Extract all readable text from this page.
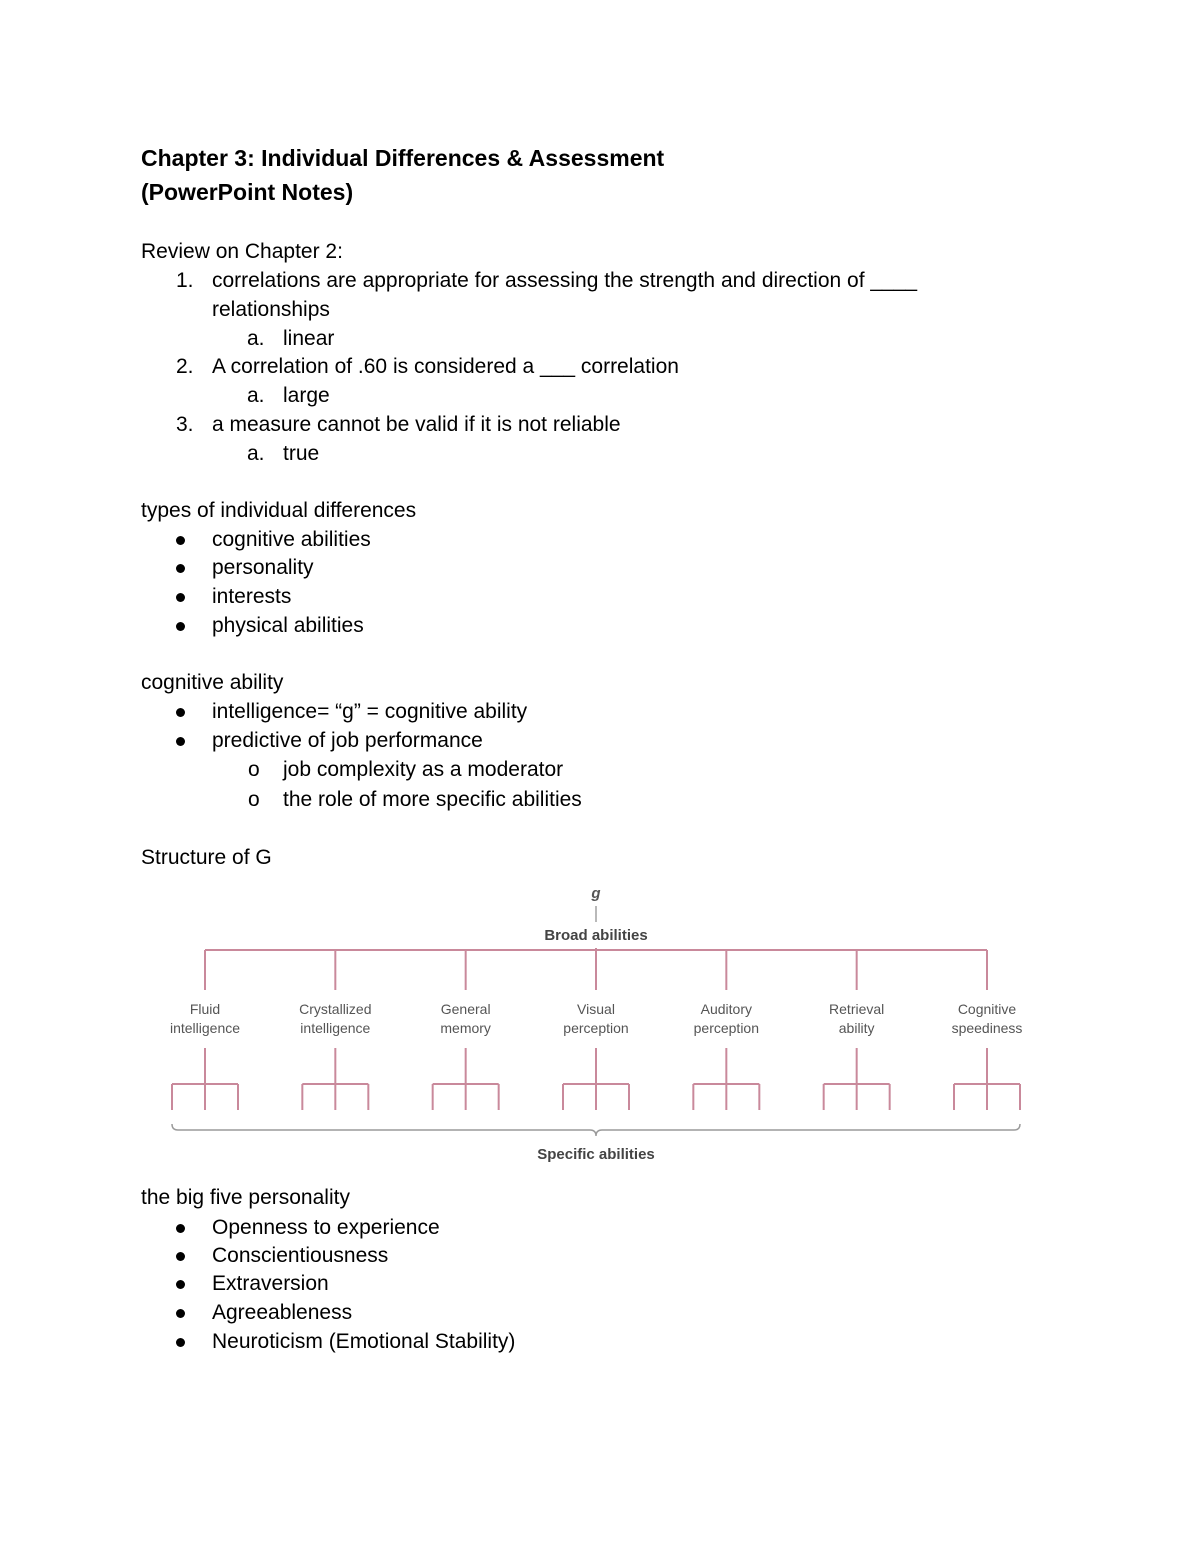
Chapter 3: Individual Differences & Assessment
(PowerPoint Notes)
Review on Chapter 2:
1. correlations are appropriate for assessing the strength and direction of ____
relationships
a. linear
2. A correlation of .60 is considered a ___ correlation
a. large
3. a measure cannot be valid if it is not reliable
a. true
types of individual differences
cognitive abilities
personality
interests
physical abilities
cognitive ability
intelligence= “g” = cognitive ability
predictive of job performance
o job complexity as a moderator
o the role of more specific abilities
Structure of G
g
Broad abilities
Fluid
intelligence
Crystallized
intelligence
General
memory
Visual
perception
Auditory
perception
Retrieval
ability
Cognitive
speediness
Specific abilities
the big five personality
Openness to experience
Conscientiousness
Extraversion
Agreeableness
Neuroticism (Emotional Stability)
